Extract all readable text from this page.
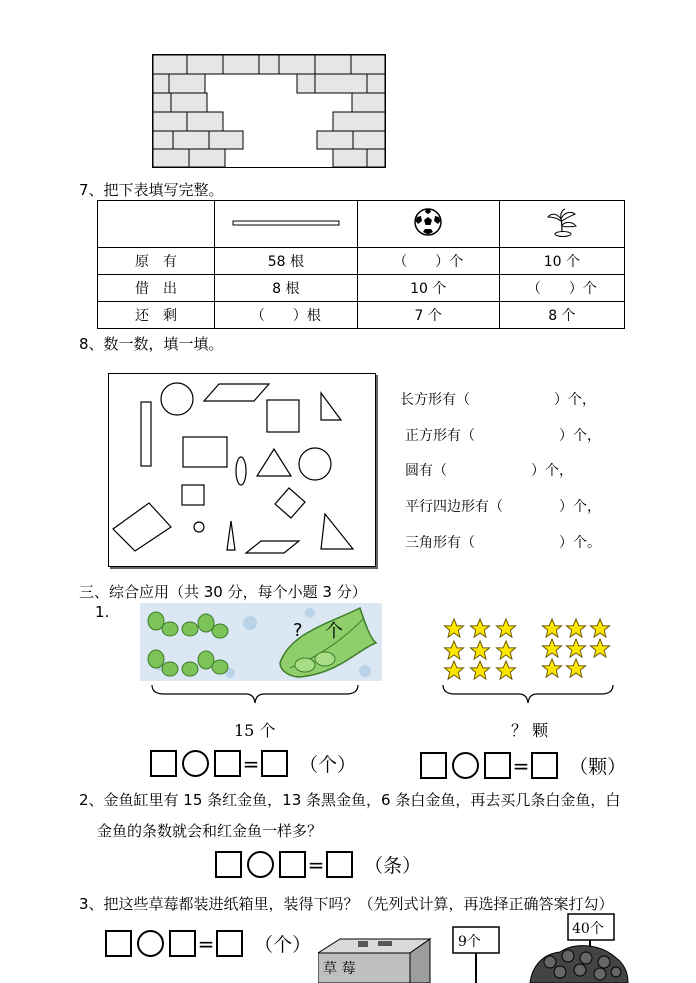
7、把下表填写完整。

原　有	58 根	（　　）个	10 个
借　出	8 根	10 个	（　　）个
还　剩	（　　）根	7 个	8 个
8、数一数，填一填。
长方形有（　　　　　　）个，
正方形有（　　　　　　）个，
圆有（　　　　　　）个，
平行四边形有（　　　　）个，
三角形有（　　　　　　）个。
三、综合应用（共 30 分，每个小题 3 分）
1.
? 个
15 个	？ 颗
= （个）	= （颗）
2、金鱼缸里有 15 条红金鱼，13 条黑金鱼，6 条白金鱼，再去买几条白金鱼，白
金鱼的条数就会和红金鱼一样多？
= （条）
3、把这些草莓都装进纸箱里，装得下吗？（先列式计算，再选择正确答案打勾）
= （个）
草 莓
9个
40个
